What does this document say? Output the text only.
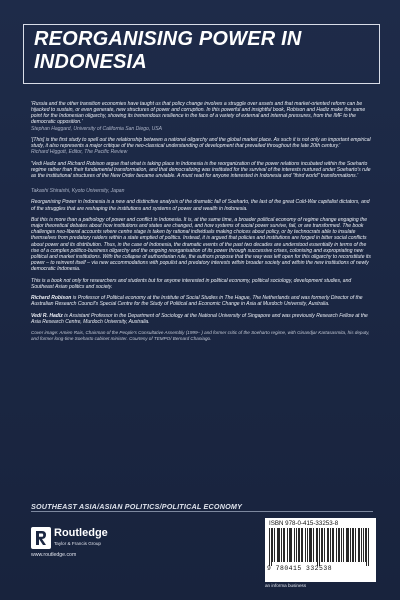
REORGANISING POWER IN INDONESIA

'Russia and the other transition economies have taught us that policy change involves a struggle over assets and that market-oriented reform can be hijacked to sustain, or even generate, new structures of power and corruption. In this powerful and insightful book, Robison and Hadiz make the same point for the Indonesian oligarchy, showing its tremendous resilience in the face of a variety of external and internal pressures, from the IMF to the democratic opposition.'
Stephan Haggard, University of California San Diego, USA

'[This] is the first study to spell out the relationship between a national oligarchy and the global market place. As such it is not only an important empirical study, it also represents a major critique of the neo-classical understanding of development that prevailed throughout the late 20th century.'
Richard Higgott, Editor, The Pacific Review

'Vedi Hadiz and Richard Robison argue that what is taking place in Indonesia is the reorganization of the power relations incubated within the Soeharto regime rather than their fundamental transformation, and that democratizing was instituted for the survival of the interests nurtured under Soeharto's rule as the institutional structures of the New Order became unviable. A must read for anyone interested in Indonesia and "third world" transformations.'
Takashi Shiraishi, Kyoto University, Japan

Reorganising Power in Indonesia is a new and distinctive analysis of the dramatic fall of Soeharto, the last of the great Cold-War capitalist dictators, and of the struggles that are reshaping the institutions and systems of power and wealth in Indonesia.

But this is more than a pathology of power and conflict in Indonesia. It is, at the same time, a broader political economy of regime change engaging the major theoretical debates about how institutions and states are changed, and how systems of social power survive, fail, or are transformed. The book challenges neo-liberal accounts where centre stage is taken by rational individuals making choices about policy, or by technocrats able to insulate themselves from predatory raiders within a state emptied of politics. Instead, it is argued that policies and institutions are forged in bitter social conflicts about power and its distribution. Thus, in the case of Indonesia, the dramatic events of the past two decades are understood essentially in terms of the rise of a complex politico-business oligarchy and the ongoing reorganisation of its power through successive crises, colonising and expropriating new political and market institutions. With the collapse of authoritarian rule, the authors propose that the way was left open for this oligarchy to reconstitute its power – to reinvent itself – via new accommodations with populist and predatory interests within broader society and within the new institutions of newly democratic Indonesia.

This is a book not only for researchers and students but for anyone interested in political economy, political sociology, development studies, and Southeast Asian politics and society.

Richard Robison is Professor of Political economy at the Institute of Social Studies in The Hague, The Netherlands and was formerly Director of the Australian Research Council's Special Centre for the Study of Political and Economic Change in Asia at Murdoch University, Australia.

Vedi R. Hadiz is Assistant Professor in the Department of Sociology at the National University of Singapore and was previously Research Fellow at the Asia Research Centre, Murdoch University, Australia.

Cover image: Amien Rais, Chairman of the People's Consultative Assembly (1999– ) and former critic of the Soeharto regime, with Ginandjar Kartasasmita, his deputy, and former long-time Soeharto cabinet minister. Courtesy of TEMPO/ Bernard Chaniago.

SOUTHEAST ASIA/ASIAN POLITICS/POLITICAL ECONOMY
Routledge
Taylor & Francis Group
www.routledge.com
ISBN 978-0-415-33253-8
9 780415 332538
an informa business
